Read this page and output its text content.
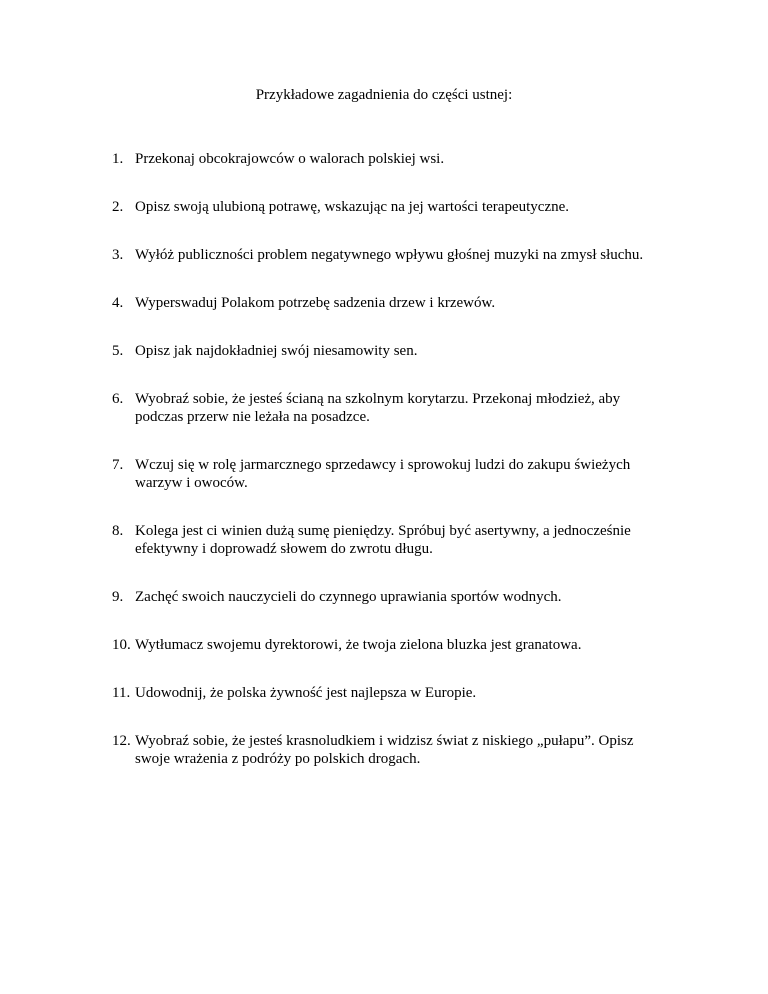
Przykładowe zagadnienia do części ustnej:
1. Przekonaj obcokrajowców o walorach polskiej wsi.
2. Opisz swoją ulubioną potrawę, wskazując na jej wartości terapeutyczne.
3. Wyłóż publiczności problem negatywnego wpływu głośnej muzyki na zmysł słuchu.
4. Wyperswaduj Polakom potrzebę sadzenia drzew i krzewów.
5. Opisz jak najdokładniej swój niesamowity sen.
6. Wyobraź sobie, że jesteś ścianą na szkolnym korytarzu. Przekonaj młodzież, aby
podczas przerw nie leżała na posadzce.
7. Wczuj się w rolę jarmarcznego sprzedawcy i sprowokuj ludzi do zakupu świeżych
warzyw i owoców.
8. Kolega jest ci winien dużą sumę pieniędzy. Spróbuj być asertywny, a jednocześnie
efektywny i doprowadź słowem do zwrotu długu.
9. Zachęć swoich nauczycieli do czynnego uprawiania sportów wodnych.
10. Wytłumacz swojemu dyrektorowi, że twoja zielona bluzka jest granatowa.
11. Udowodnij, że polska żywność jest najlepsza w Europie.
12. Wyobraź sobie, że jesteś krasnoludkiem i widzisz świat z niskiego „pułapu”. Opisz
swoje wrażenia z podróży po polskich drogach.
